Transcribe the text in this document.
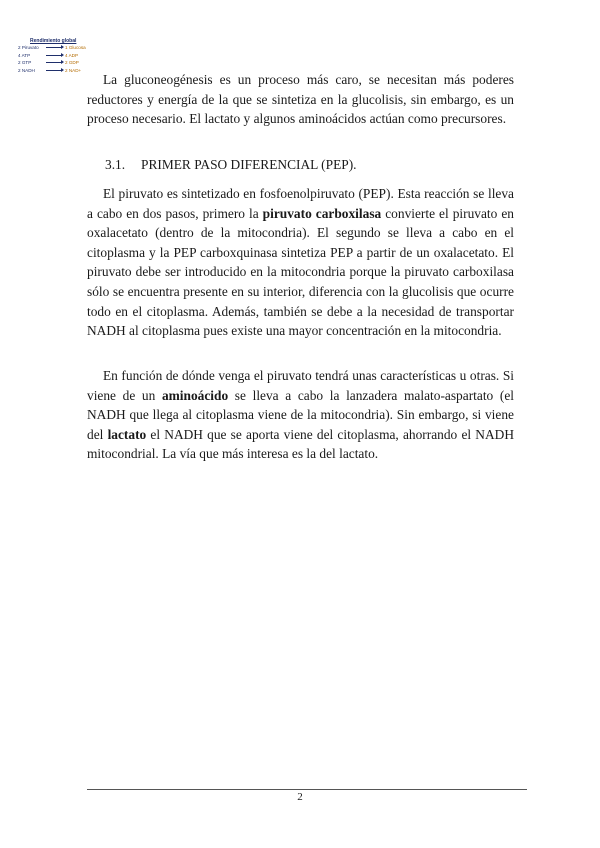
Rendimiento global
2 Piruvato	1 Glucosa
4 ATP	4 ADP
2 GTP	2 GDP
2 NADH	2 NAD+

La gluconeogénesis es un proceso más caro, se necesitan más poderes reductores y energía de la que se sintetiza en la glucolisis, sin embargo, es un proceso necesario. El lactato y algunos aminoácidos actúan como precursores.

3.1. PRIMER PASO DIFERENCIAL (PEP).

El piruvato es sintetizado en fosfoenolpiruvato (PEP). Esta reacción se lleva a cabo en dos pasos, primero la piruvato carboxilasa convierte el piruvato en oxalacetato (dentro de la mitocondria). El segundo se lleva a cabo en el citoplasma y la PEP carboxquinasa sintetiza PEP a partir de un oxalacetato. El piruvato debe ser introducido en la mitocondria porque la piruvato carboxilasa sólo se encuentra presente en su interior, diferencia con la glucolisis que ocurre todo en el citoplasma. Además, también se debe a la necesidad de transportar NADH al citoplasma pues existe una mayor concentración en la mitocondria.

En función de dónde venga el piruvato tendrá unas características u otras. Si viene de un aminoácido se lleva a cabo la lanzadera malato-aspartato (el NADH que llega al citoplasma viene de la mitocondria). Sin embargo, si viene del lactato el NADH que se aporta viene del citoplasma, ahorrando el NADH mitocondrial. La vía que más interesa es la del lactato.

2
